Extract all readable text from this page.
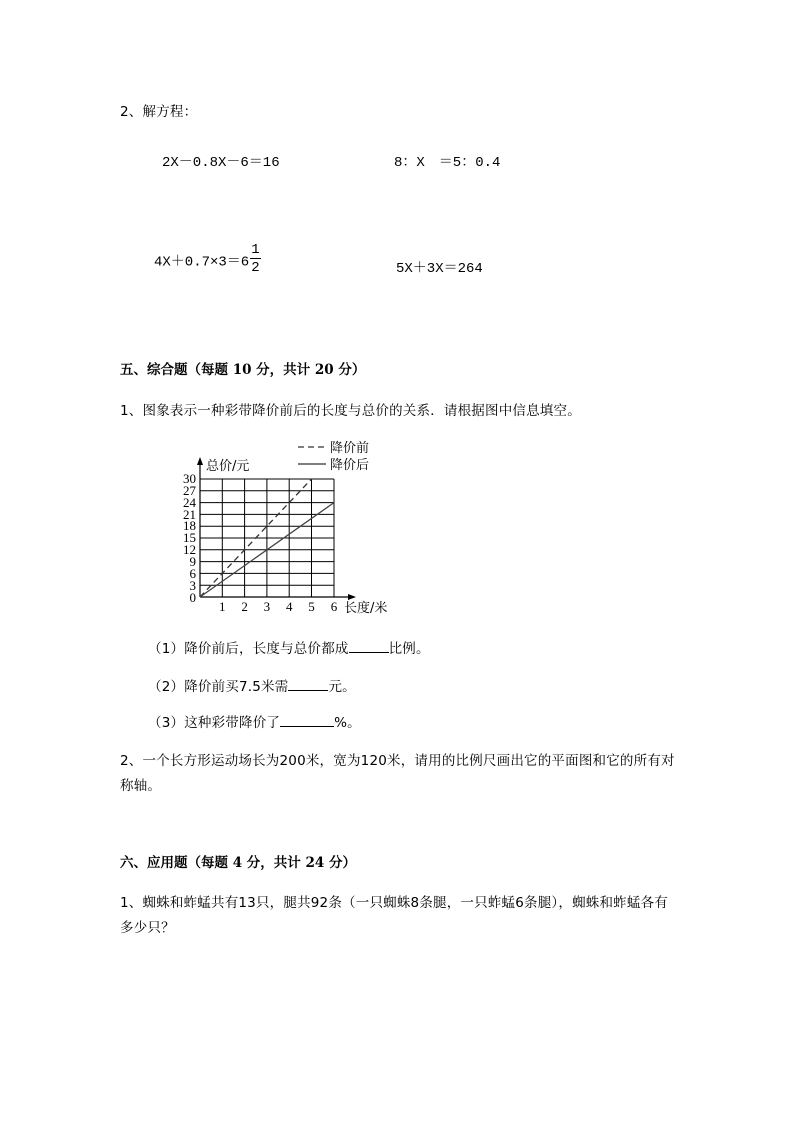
2、解方程：
2X－0.8X－6＝16	8：X　＝5：0.4
$4X+0.7\times 3=6 \frac{1}{2}$	5X＋3X＝264
五、综合题（每题 10 分，共计 20 分）
1、图象表示一种彩带降价前后的长度与总价的关系．请根据图中信息填空。
30
27
24
21
18
15
12
9
6
3
0
1 2 3 4 5 6
总价/元
长度/米
降价前
降价后
（1）降价前后，长度与总价都成	比例。
（2）降价前买7.5米需	元。
（3）这种彩带降价了	%。
2、一个长方形运动场长为200米，宽为120米，请用的比例尺画出它的平面图和它的所有对
称轴。
六、应用题（每题 4 分，共计 24 分）
1、蜘蛛和蚱蜢共有13只，腿共92条（一只蜘蛛8条腿，一只蚱蜢6条腿），蜘蛛和蚱蜢各有
多少只？
